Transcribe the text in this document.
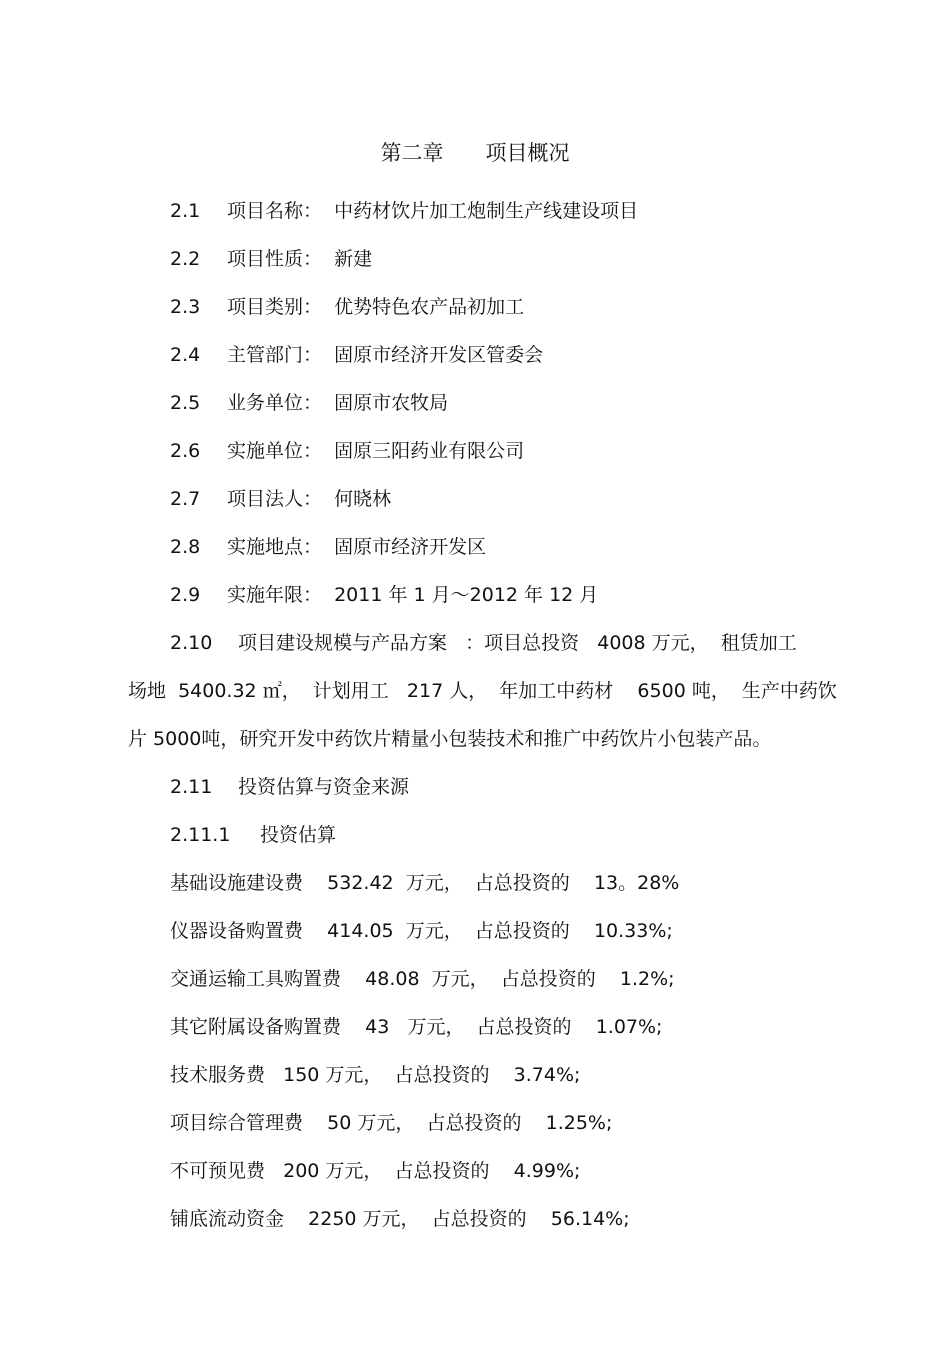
第二章　　项目概况
2.1 项目名称：  中药材饮片加工炮制生产线建设项目
2.2 项目性质：  新建
2.3 项目类别：  优势特色农产品初加工
2.4 主管部门：  固原市经济开发区管委会
2.5 业务单位：  固原市农牧局
2.6 实施单位：  固原三阳药业有限公司
2.7 项目法人：  何晓林
2.8 实施地点：  固原市经济开发区
2.9 实施年限：  2011 年 1 月～2012 年 12 月
2.10 项目建设规模与产品方案   ：项目总投资   4008 万元，  租赁加工
场地  5400.32 ㎡，  计划用工   217 人，  年加工中药材    6500 吨，  生产中药饮
片 5000吨，研究开发中药饮片精量小包装技术和推广中药饮片小包装产品。
2.11 投资估算与资金来源
2.11.1 投资估算
基础设施建设费    532.42  万元，  占总投资的    13。28%
仪器设备购置费    414.05  万元，  占总投资的    10.33%;
交通运输工具购置费    48.08  万元，  占总投资的    1.2%;
其它附属设备购置费    43   万元，  占总投资的    1.07%;
技术服务费   150 万元，  占总投资的    3.74%;
项目综合管理费    50 万元，  占总投资的    1.25%;
不可预见费   200 万元，  占总投资的    4.99%;
铺底流动资金    2250 万元，  占总投资的    56.14%;
